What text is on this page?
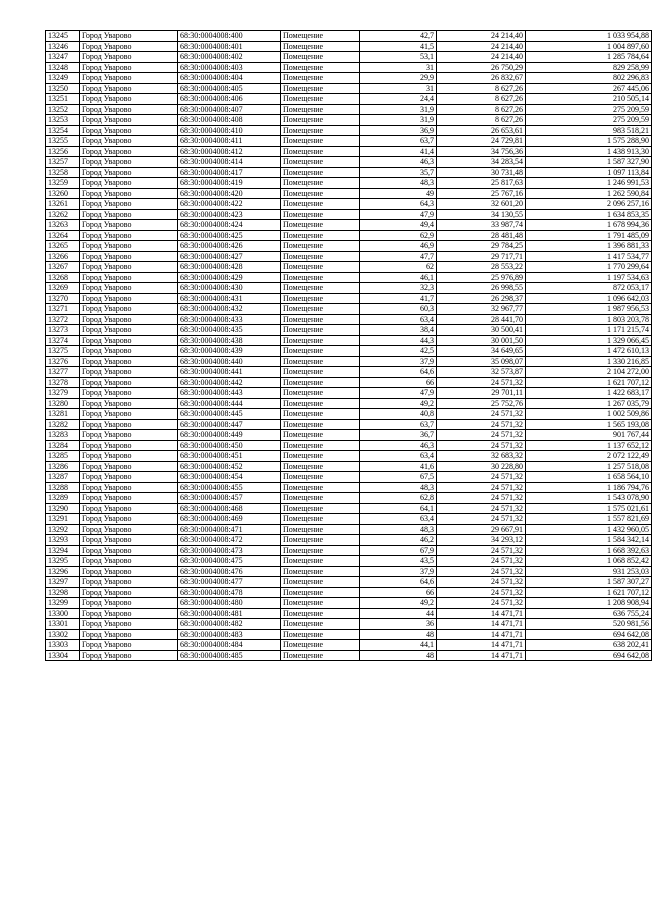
13245	Город Уварово	68:30:0004008:400	Помещение	42,7	24 214,40	1 033 954,88
13246	Город Уварово	68:30:0004008:401	Помещение	41,5	24 214,40	1 004 897,60
13247	Город Уварово	68:30:0004008:402	Помещение	53,1	24 214,40	1 285 784,64
13248	Город Уварово	68:30:0004008:403	Помещение	31	26 750,29	829 258,99
13249	Город Уварово	68:30:0004008:404	Помещение	29,9	26 832,67	802 296,83
13250	Город Уварово	68:30:0004008:405	Помещение	31	8 627,26	267 445,06
13251	Город Уварово	68:30:0004008:406	Помещение	24,4	8 627,26	210 505,14
13252	Город Уварово	68:30:0004008:407	Помещение	31,9	8 627,26	275 209,59
13253	Город Уварово	68:30:0004008:408	Помещение	31,9	8 627,26	275 209,59
13254	Город Уварово	68:30:0004008:410	Помещение	36,9	26 653,61	983 518,21
13255	Город Уварово	68:30:0004008:411	Помещение	63,7	24 729,81	1 575 288,90
13256	Город Уварово	68:30:0004008:412	Помещение	41,4	34 756,36	1 438 913,30
13257	Город Уварово	68:30:0004008:414	Помещение	46,3	34 283,54	1 587 327,90
13258	Город Уварово	68:30:0004008:417	Помещение	35,7	30 731,48	1 097 113,84
13259	Город Уварово	68:30:0004008:419	Помещение	48,3	25 817,63	1 246 991,53
13260	Город Уварово	68:30:0004008:420	Помещение	49	25 767,16	1 262 590,84
13261	Город Уварово	68:30:0004008:422	Помещение	64,3	32 601,20	2 096 257,16
13262	Город Уварово	68:30:0004008:423	Помещение	47,9	34 130,55	1 634 853,35
13263	Город Уварово	68:30:0004008:424	Помещение	49,4	33 987,74	1 678 994,36
13264	Город Уварово	68:30:0004008:425	Помещение	62,9	28 481,48	1 791 485,09
13265	Город Уварово	68:30:0004008:426	Помещение	46,9	29 784,25	1 396 881,33
13266	Город Уварово	68:30:0004008:427	Помещение	47,7	29 717,71	1 417 534,77
13267	Город Уварово	68:30:0004008:428	Помещение	62	28 553,22	1 770 299,64
13268	Город Уварово	68:30:0004008:429	Помещение	46,1	25 976,89	1 197 534,63
13269	Город Уварово	68:30:0004008:430	Помещение	32,3	26 998,55	872 053,17
13270	Город Уварово	68:30:0004008:431	Помещение	41,7	26 298,37	1 096 642,03
13271	Город Уварово	68:30:0004008:432	Помещение	60,3	32 967,77	1 987 956,53
13272	Город Уварово	68:30:0004008:433	Помещение	63,4	28 441,70	1 803 203,78
13273	Город Уварово	68:30:0004008:435	Помещение	38,4	30 500,41	1 171 215,74
13274	Город Уварово	68:30:0004008:438	Помещение	44,3	30 001,50	1 329 066,45
13275	Город Уварово	68:30:0004008:439	Помещение	42,5	34 649,65	1 472 610,13
13276	Город Уварово	68:30:0004008:440	Помещение	37,9	35 098,07	1 330 216,85
13277	Город Уварово	68:30:0004008:441	Помещение	64,6	32 573,87	2 104 272,00
13278	Город Уварово	68:30:0004008:442	Помещение	66	24 571,32	1 621 707,12
13279	Город Уварово	68:30:0004008:443	Помещение	47,9	29 701,11	1 422 683,17
13280	Город Уварово	68:30:0004008:444	Помещение	49,2	25 752,76	1 267 035,79
13281	Город Уварово	68:30:0004008:445	Помещение	40,8	24 571,32	1 002 509,86
13282	Город Уварово	68:30:0004008:447	Помещение	63,7	24 571,32	1 565 193,08
13283	Город Уварово	68:30:0004008:449	Помещение	36,7	24 571,32	901 767,44
13284	Город Уварово	68:30:0004008:450	Помещение	46,3	24 571,32	1 137 652,12
13285	Город Уварово	68:30:0004008:451	Помещение	63,4	32 683,32	2 072 122,49
13286	Город Уварово	68:30:0004008:452	Помещение	41,6	30 228,80	1 257 518,08
13287	Город Уварово	68:30:0004008:454	Помещение	67,5	24 571,32	1 658 564,10
13288	Город Уварово	68:30:0004008:455	Помещение	48,3	24 571,32	1 186 794,76
13289	Город Уварово	68:30:0004008:457	Помещение	62,8	24 571,32	1 543 078,90
13290	Город Уварово	68:30:0004008:468	Помещение	64,1	24 571,32	1 575 021,61
13291	Город Уварово	68:30:0004008:469	Помещение	63,4	24 571,32	1 557 821,69
13292	Город Уварово	68:30:0004008:471	Помещение	48,3	29 667,91	1 432 960,05
13293	Город Уварово	68:30:0004008:472	Помещение	46,2	34 293,12	1 584 342,14
13294	Город Уварово	68:30:0004008:473	Помещение	67,9	24 571,32	1 668 392,63
13295	Город Уварово	68:30:0004008:475	Помещение	43,5	24 571,32	1 068 852,42
13296	Город Уварово	68:30:0004008:476	Помещение	37,9	24 571,32	931 253,03
13297	Город Уварово	68:30:0004008:477	Помещение	64,6	24 571,32	1 587 307,27
13298	Город Уварово	68:30:0004008:478	Помещение	66	24 571,32	1 621 707,12
13299	Город Уварово	68:30:0004008:480	Помещение	49,2	24 571,32	1 208 908,94
13300	Город Уварово	68:30:0004008:481	Помещение	44	14 471,71	636 755,24
13301	Город Уварово	68:30:0004008:482	Помещение	36	14 471,71	520 981,56
13302	Город Уварово	68:30:0004008:483	Помещение	48	14 471,71	694 642,08
13303	Город Уварово	68:30:0004008:484	Помещение	44,1	14 471,71	638 202,41
13304	Город Уварово	68:30:0004008:485	Помещение	48	14 471,71	694 642,08
